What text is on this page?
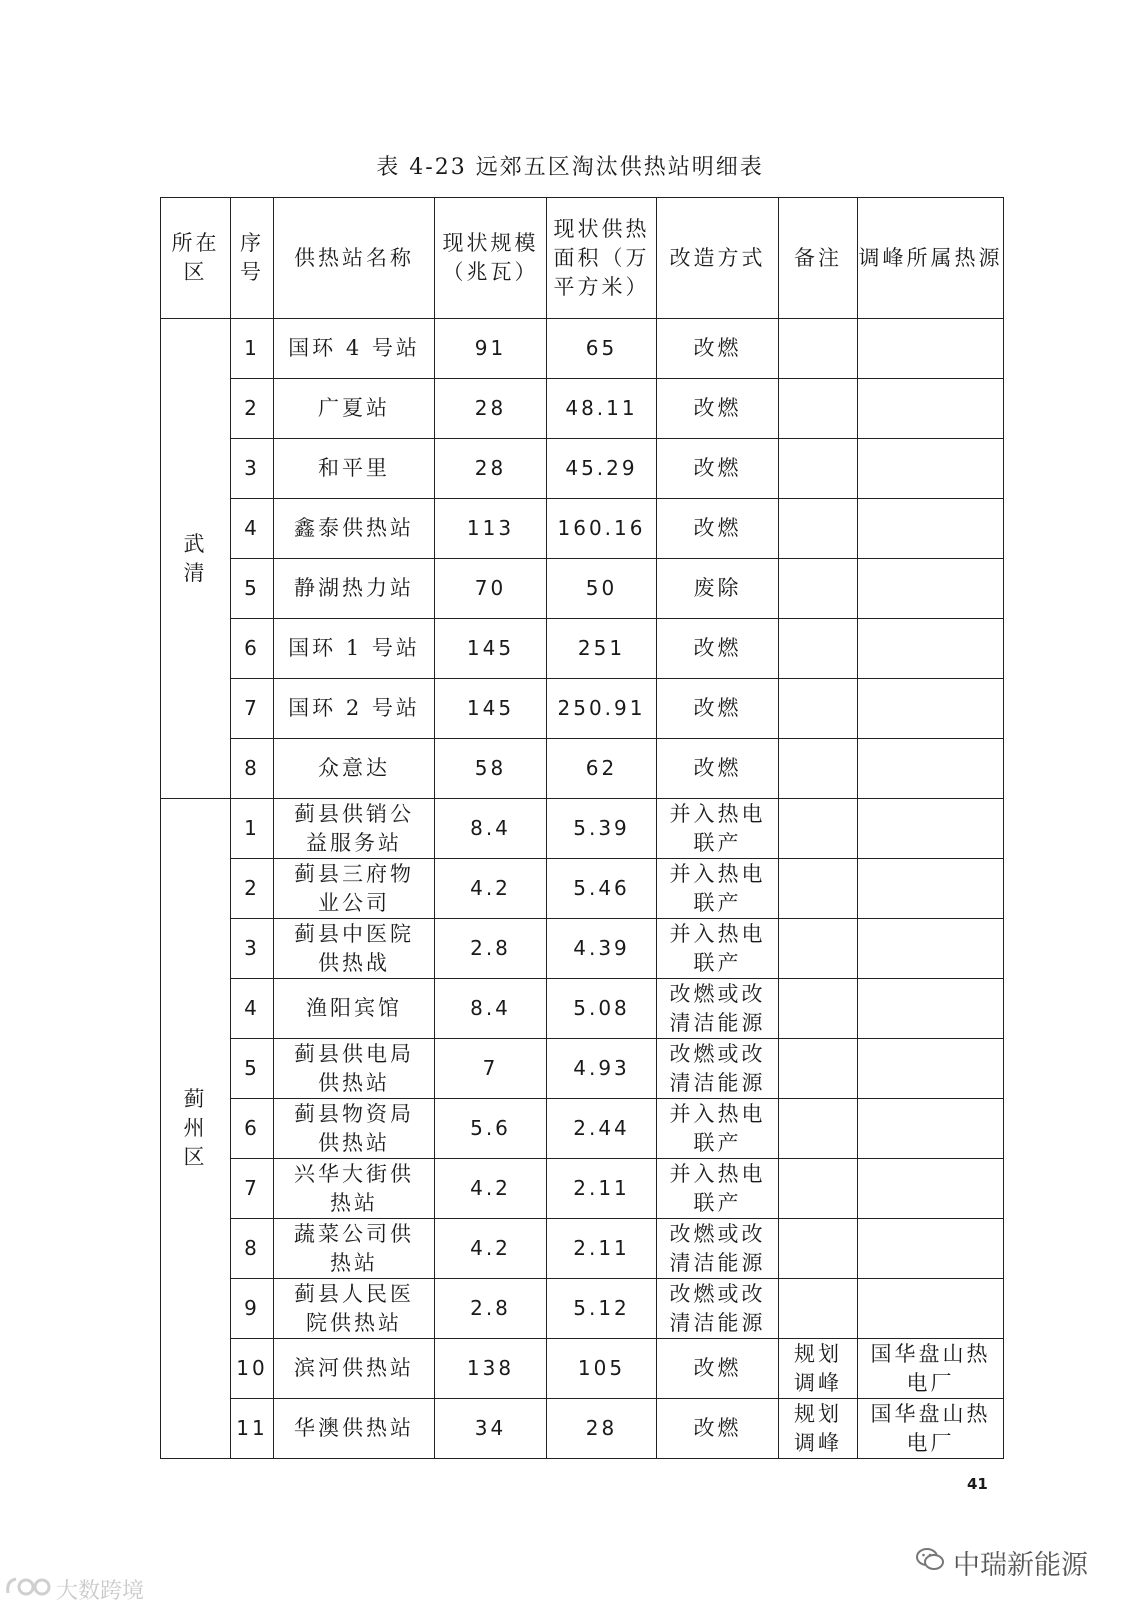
表 4-23 远郊五区淘汰供热站明细表
所在区	序号	供热站名称	现状规模（兆瓦）	现状供热面积（万平方米）	改造方式	备注	调峰所属热源
武清	1	国环 4 号站	91	65	改燃		
	2	广夏站	28	48.11	改燃		
	3	和平里	28	45.29	改燃		
	4	鑫泰供热站	113	160.16	改燃		
	5	静湖热力站	70	50	废除		
	6	国环 1 号站	145	251	改燃		
	7	国环 2 号站	145	250.91	改燃		
	8	众意达	58	62	改燃		
蓟州区	1	蓟县供销公益服务站	8.4	5.39	并入热电联产		
	2	蓟县三府物业公司	4.2	5.46	并入热电联产		
	3	蓟县中医院供热战	2.8	4.39	并入热电联产		
	4	渔阳宾馆	8.4	5.08	改燃或改清洁能源		
	5	蓟县供电局供热站	7	4.93	改燃或改清洁能源		
	6	蓟县物资局供热站	5.6	2.44	并入热电联产		
	7	兴华大街供热站	4.2	2.11	并入热电联产		
	8	蔬菜公司供热站	4.2	2.11	改燃或改清洁能源		
	9	蓟县人民医院供热站	2.8	5.12	改燃或改清洁能源		
	10	滨河供热站	138	105	改燃	规划调峰	国华盘山热电厂
	11	华澳供热站	34	28	改燃	规划调峰	国华盘山热电厂
41
中瑞新能源
大数跨境
